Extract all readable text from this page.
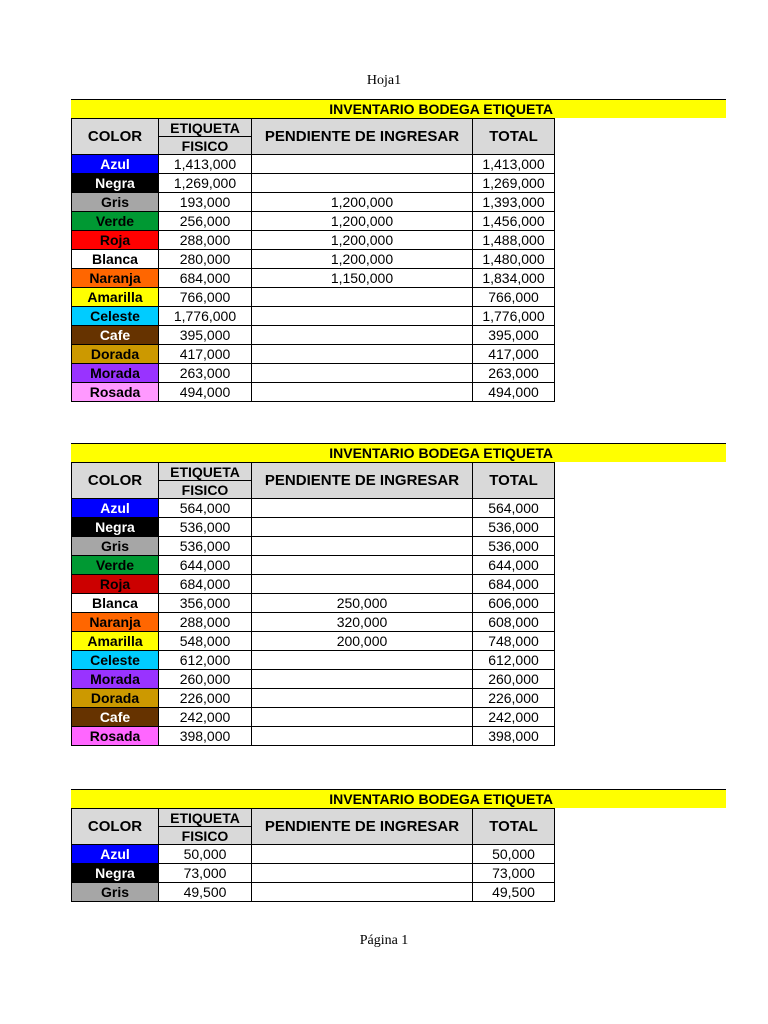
Hoja1
INVENTARIO BODEGA ETIQUETA
COLOR	ETIQUETA	PENDIENTE DE INGRESAR	TOTAL
	FISICO		
Azul	1,413,000		1,413,000
Negra	1,269,000		1,269,000
Gris	193,000	1,200,000	1,393,000
Verde	256,000	1,200,000	1,456,000
Roja	288,000	1,200,000	1,488,000
Blanca	280,000	1,200,000	1,480,000
Naranja	684,000	1,150,000	1,834,000
Amarilla	766,000		766,000
Celeste	1,776,000		1,776,000
Cafe	395,000		395,000
Dorada	417,000		417,000
Morada	263,000		263,000
Rosada	494,000		494,000
INVENTARIO BODEGA ETIQUETA
COLOR	ETIQUETA	PENDIENTE DE INGRESAR	TOTAL
	FISICO		
Azul	564,000		564,000
Negra	536,000		536,000
Gris	536,000		536,000
Verde	644,000		644,000
Roja	684,000		684,000
Blanca	356,000	250,000	606,000
Naranja	288,000	320,000	608,000
Amarilla	548,000	200,000	748,000
Celeste	612,000		612,000
Morada	260,000		260,000
Dorada	226,000		226,000
Cafe	242,000		242,000
Rosada	398,000		398,000
INVENTARIO BODEGA ETIQUETA
COLOR	ETIQUETA	PENDIENTE DE INGRESAR	TOTAL
	FISICO		
Azul	50,000		50,000
Negra	73,000		73,000
Gris	49,500		49,500
Página 1
